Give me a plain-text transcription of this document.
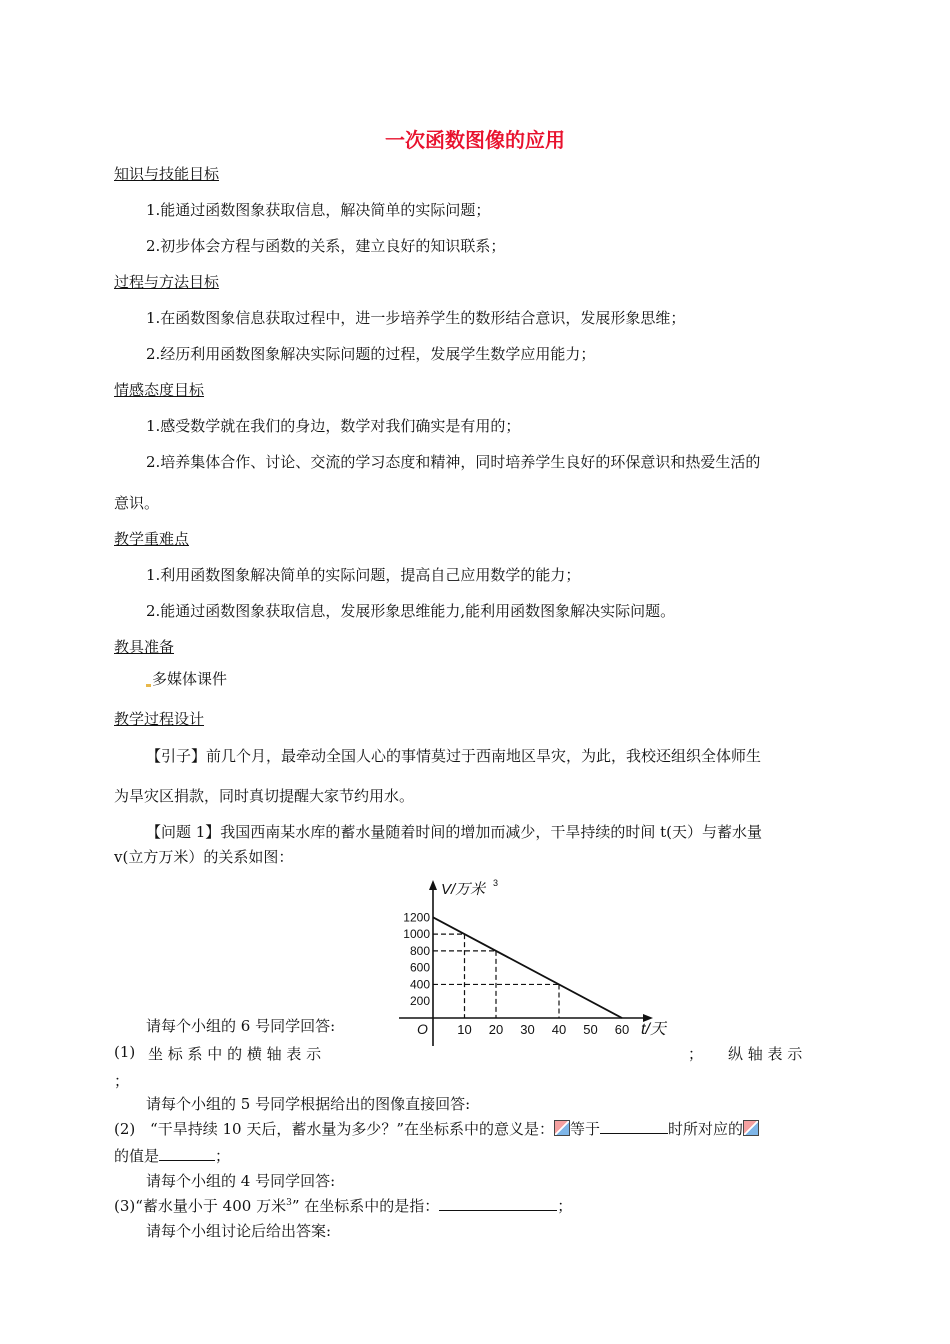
一次函数图像的应用
知识与技能目标
1.能通过函数图象获取信息，解决简单的实际问题；
2.初步体会方程与函数的关系，建立良好的知识联系；
过程与方法目标
1.在函数图象信息获取过程中，进一步培养学生的数形结合意识，发展形象思维；
2.经历利用函数图象解决实际问题的过程，发展学生数学应用能力；
情感态度目标
1.感受数学就在我们的身边，数学对我们确实是有用的；
2.培养集体合作、讨论、交流的学习态度和精神，同时培养学生良好的环保意识和热爱生活的
意识。
教学重难点
1.利用函数图象解决简单的实际问题，提高自己应用数学的能力；
2.能通过函数图象获取信息，发展形象思维能力,能利用函数图象解决实际问题。
教具准备
多媒体课件
教学过程设计
【引子】前几个月，最牵动全国人心的事情莫过于西南地区旱灾，为此，我校还组织全体师生
为旱灾区捐款，同时真切提醒大家节约用水。
【问题 1】我国西南某水库的蓄水量随着时间的增加而减少，干旱持续的时间 t(天）与蓄水量
v(立方万米）的关系如图：
V/万米 3
t/天
O 10 20 30 40 50 60
200
400
600
800
1000
1200
请每个小组的 6 号同学回答:
(1) 坐 标 系 中 的 横 轴 表 示	； 纵 轴 表 示
；
请每个小组的 5 号同学根据给出的图像直接回答:
(2) “干旱持续 10 天后，蓄水量为多少？”在坐标系中的意义是： 等于	时所对应的
的值是	；
请每个小组的 4 号同学回答:
(3)“蓄水量小于 400 万米$^3$” 在坐标系中的是指：	；
请每个小组讨论后给出答案:
